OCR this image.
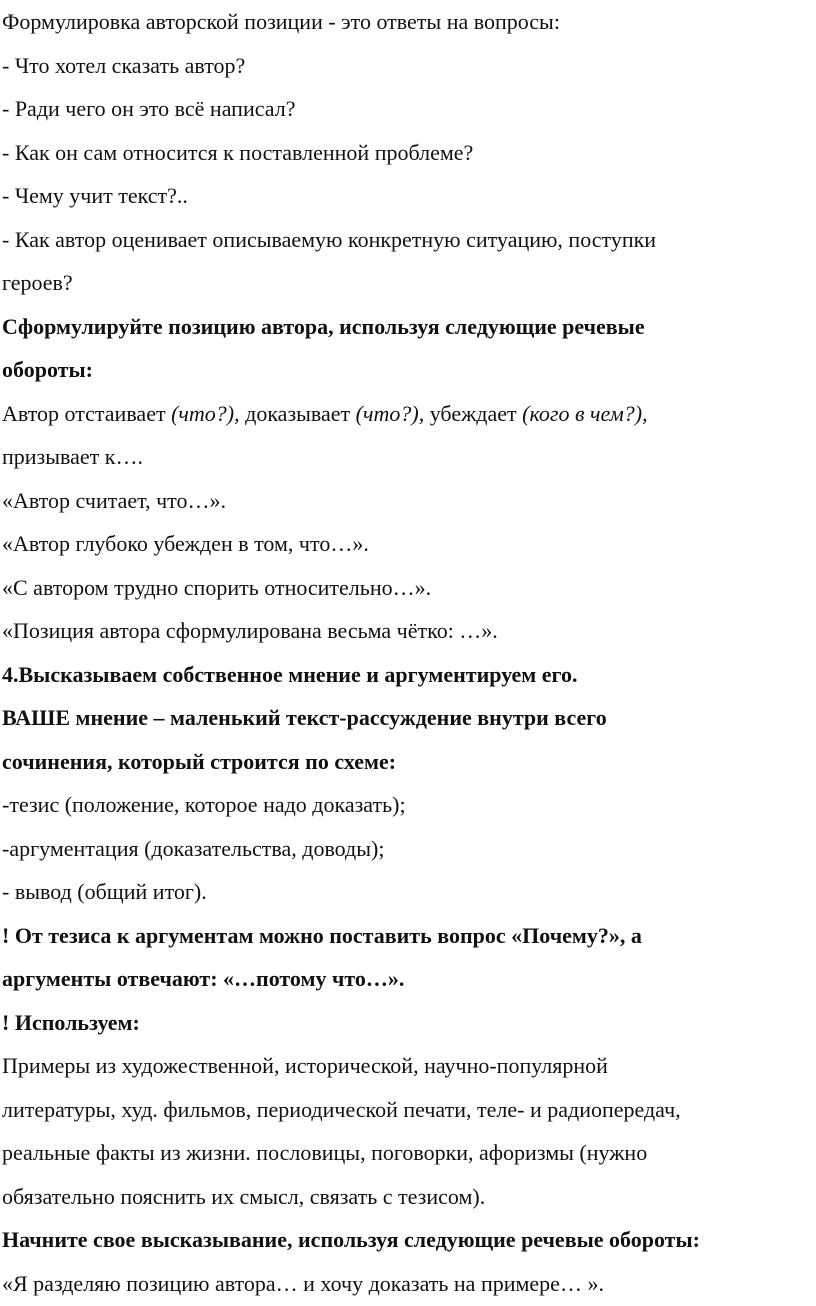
Формулировка авторской позиции - это ответы на вопросы:
- Что хотел сказать автор?
- Ради чего он это всё написал?
- Как он сам относится к поставленной проблеме?
- Чему учит текст?..
- Как автор оценивает описываемую конкретную ситуацию, поступки
героев?
Сформулируйте позицию автора, используя следующие речевые
обороты:
Автор отстаивает (что?), доказывает (что?), убеждает (кого в чем?),
призывает к….
«Автор считает, что…».
«Автор глубоко убежден в том, что…».
«С автором трудно спорить относительно…».
«Позиция автора сформулирована весьма чётко: …».
4.Высказываем собственное мнение и аргументируем его.
ВАШЕ мнение – маленький текст-рассуждение внутри всего
сочинения, который строится по схеме:
-тезис (положение, которое надо доказать);
-аргументация (доказательства, доводы);
- вывод (общий итог).
! От тезиса к аргументам можно поставить вопрос «Почему?», а
аргументы отвечают: «…потому что…».
! Используем:
Примеры из художественной, исторической, научно-популярной
литературы, худ. фильмов, периодической печати, теле- и радиопередач,
реальные факты из жизни. пословицы, поговорки, афоризмы (нужно
обязательно пояснить их смысл, связать с тезисом).
Начните свое высказывание, используя следующие речевые обороты:
«Я разделяю позицию автора… и хочу доказать на примере… ».
